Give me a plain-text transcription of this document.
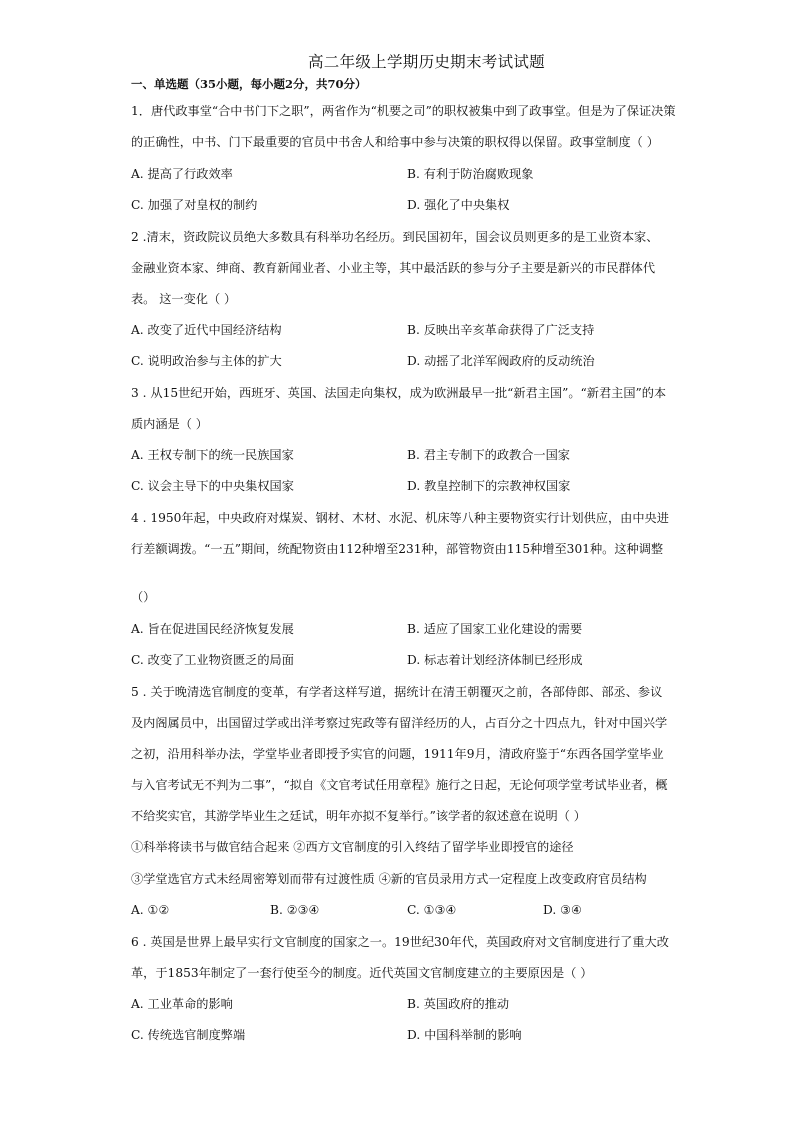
高二年级上学期历史期末考试试题
一、单选题（35小题，每小题2分，共70分）
1．唐代政事堂“合中书门下之职”，两省作为“机要之司”的职权被集中到了政事堂。但是为了保证决策
的正确性，中书、门下最重要的官员中书舍人和给事中参与决策的职权得以保留。政事堂制度（ ）
A. 提高了行政效率	B. 有利于防治腐败现象
C. 加强了对皇权的制约	D. 强化了中央集权
2 .清末，资政院议员绝大多数具有科举功名经历。到民国初年，国会议员则更多的是工业资本家、
金融业资本家、绅商、教育新闻业者、小业主等，其中最活跃的参与分子主要是新兴的市民群体代
表。 这一变化（ ）
A. 改变了近代中国经济结构	B. 反映出辛亥革命获得了广泛支持
C. 说明政治参与主体的扩大	D. 动摇了北洋军阀政府的反动统治
3 . 从15世纪开始，西班牙、英国、法国走向集权，成为欧洲最早一批“新君主国”。“新君主国”的本
质内涵是（ ）
A. 王权专制下的统一民族国家	B. 君主专制下的政教合一国家
C. 议会主导下的中央集权国家	D. 教皇控制下的宗教神权国家
4 . 1950年起，中央政府对煤炭、钢材、木材、水泥、机床等八种主要物资实行计划供应，由中央进
行差额调拨。“一五”期间，统配物资由112种增至231种，部管物资由115种增至301种。这种调整
（）
A. 旨在促进国民经济恢复发展	B. 适应了国家工业化建设的需要
C. 改变了工业物资匮乏的局面	D. 标志着计划经济体制已经形成
5 . 关于晚清选官制度的变革，有学者这样写道，据统计在清王朝覆灭之前，各部侍郎、部丞、参议
及内阁属员中，出国留过学或出洋考察过宪政等有留洋经历的人，占百分之十四点九，针对中国兴学
之初，沿用科举办法，学堂毕业者即授予实官的问题，1911年9月，清政府鉴于“东西各国学堂毕业
与入官考试无不判为二事”，“拟自《文官考试任用章程》施行之日起，无论何项学堂考试毕业者，概
不给奖实官，其游学毕业生之廷试，明年亦拟不复举行。”该学者的叙述意在说明（ ）
①科举将读书与做官结合起来 ②西方文官制度的引入终结了留学毕业即授官的途径
③学堂选官方式未经周密筹划而带有过渡性质 ④新的官员录用方式一定程度上改变政府官员结构
A. ①②	B. ②③④	C. ①③④	D. ③④
6 . 英国是世界上最早实行文官制度的国家之一。19世纪30年代，英国政府对文官制度进行了重大改
革，于1853年制定了一套行使至今的制度。近代英国文官制度建立的主要原因是（ ）
A. 工业革命的影响	B. 英国政府的推动
C. 传统选官制度弊端	D. 中国科举制的影响
